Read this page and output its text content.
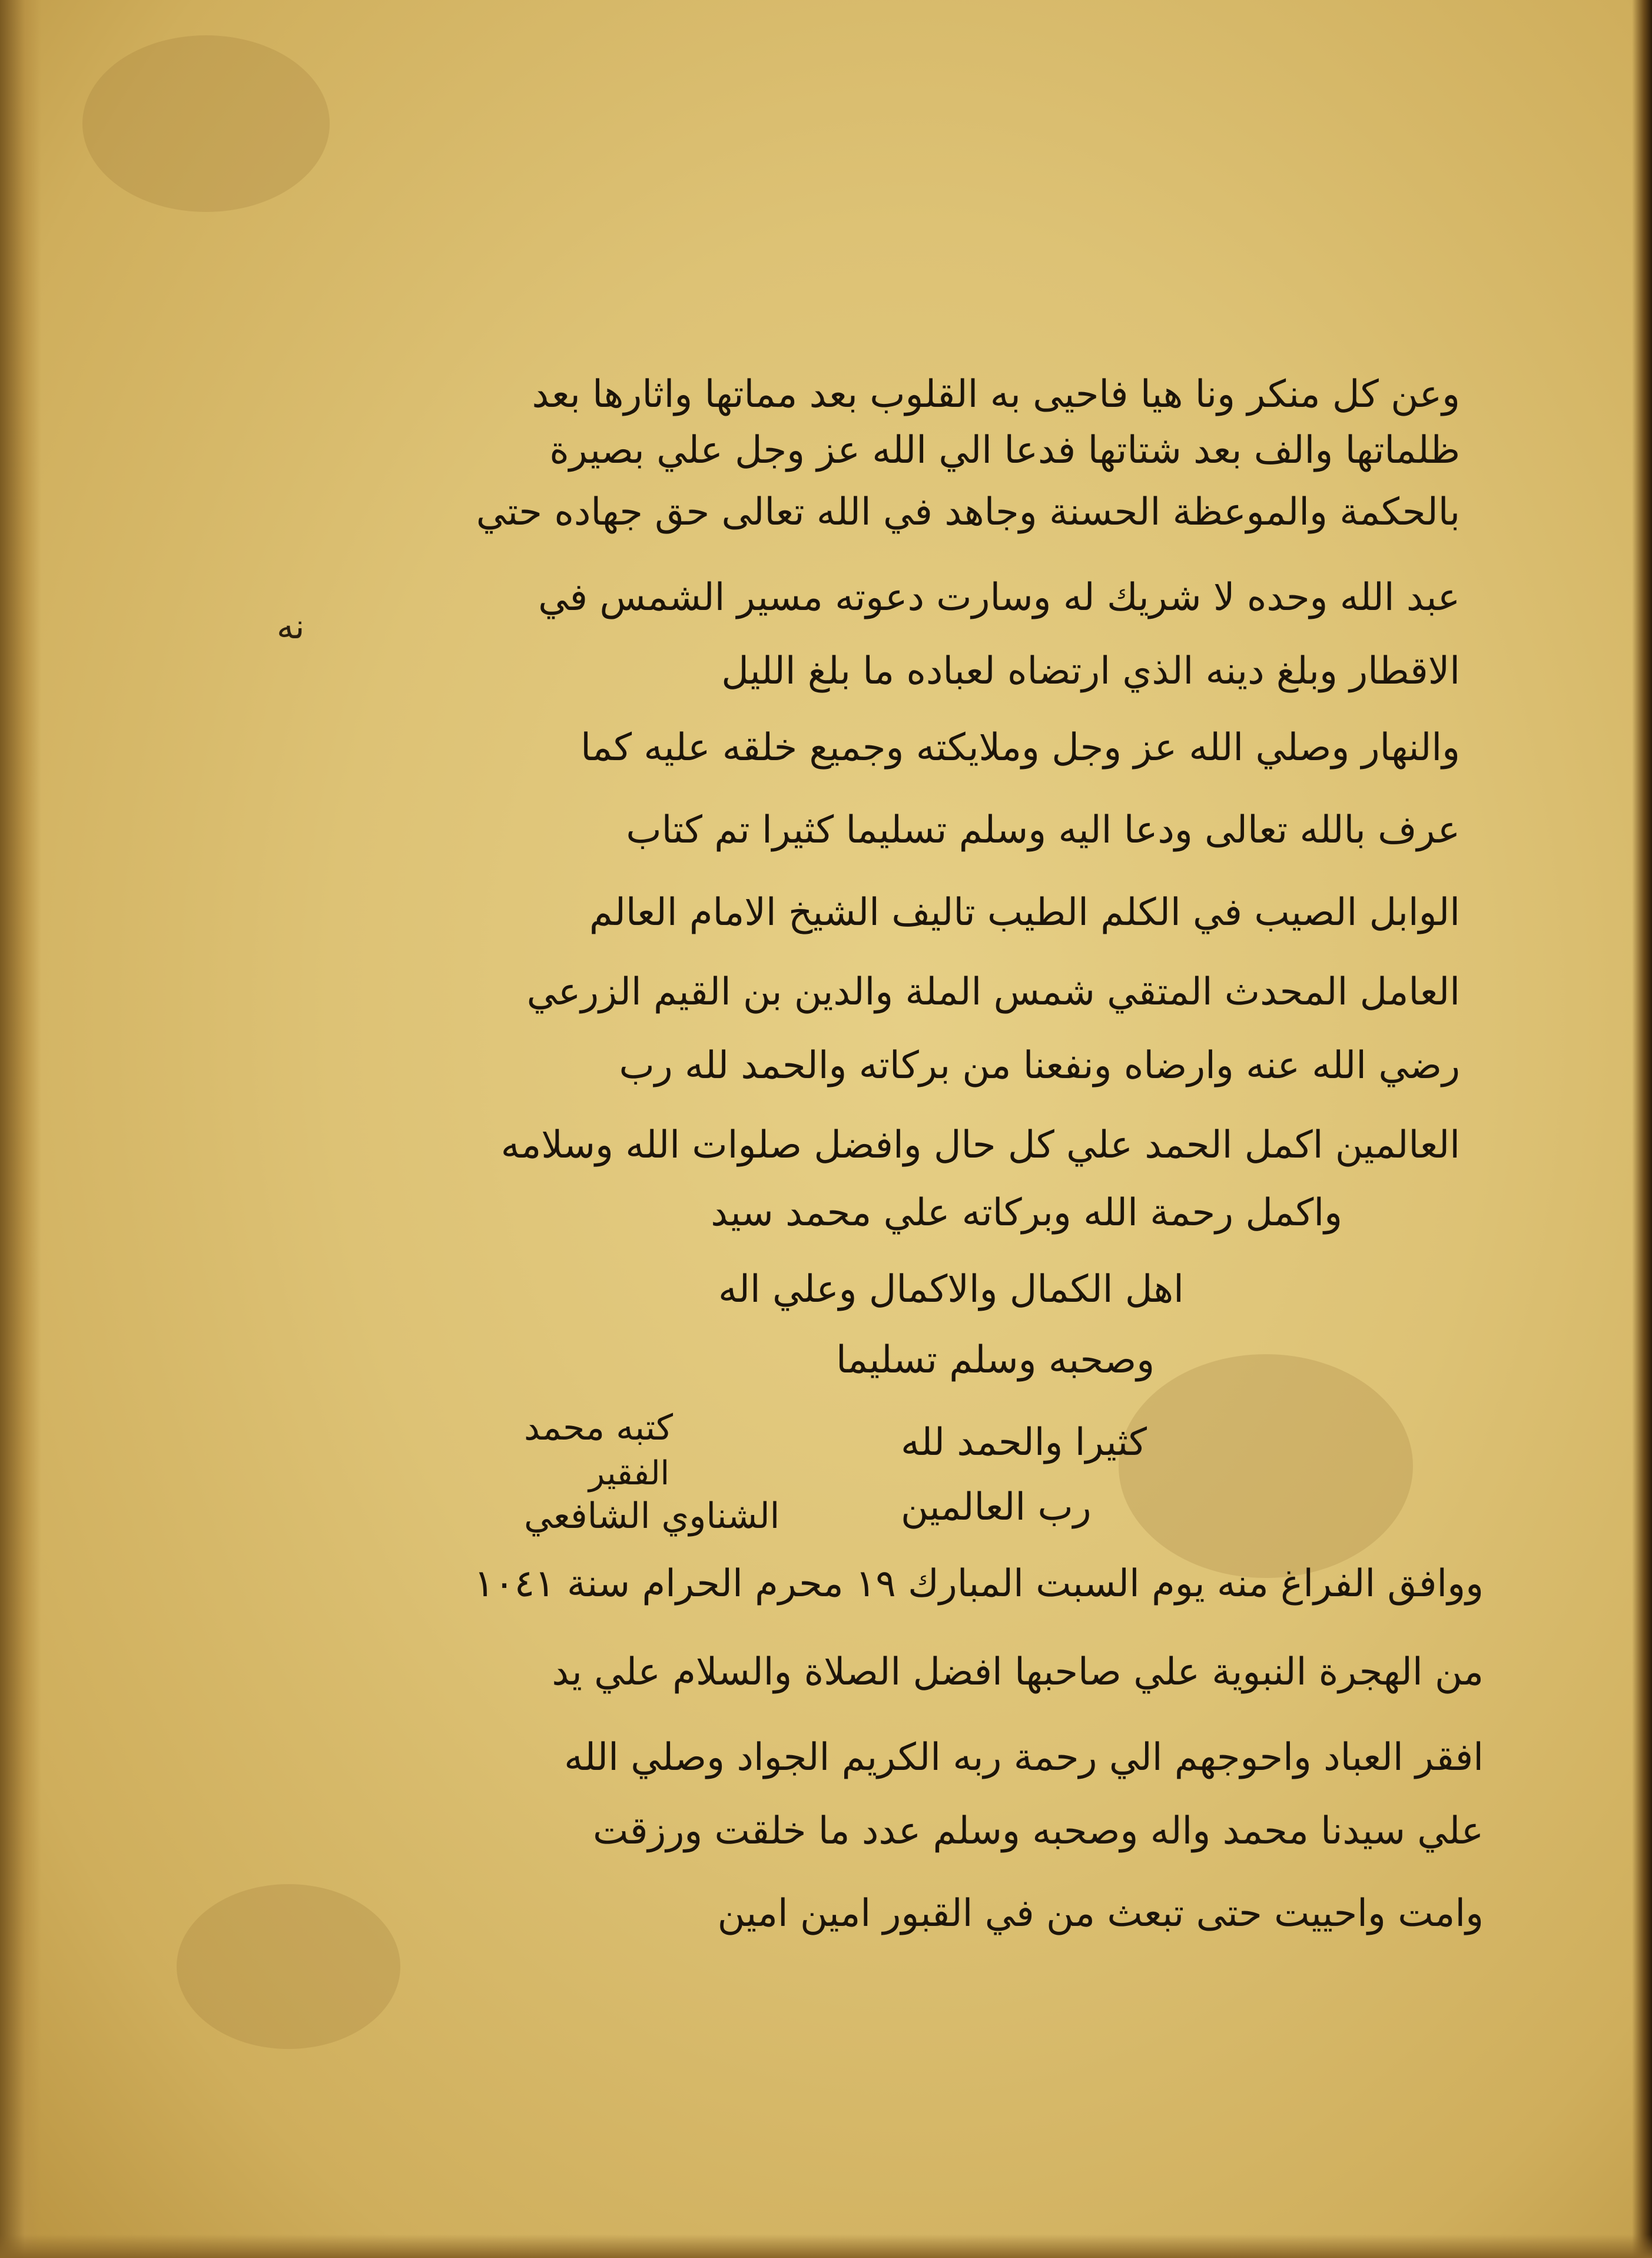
نه
وعن كل منكر ونا هيا فاحيى به القلوب بعد مماتها واثارها بعد
ظلماتها والف بعد شتاتها فدعا الي الله عز وجل علي بصيرة
بالحكمة والموعظة الحسنة وجاهد في الله تعالى حق جهاده حتي
عبد الله وحده لا شريك له وسارت دعوته مسير الشمس في
الاقطار وبلغ دينه الذي ارتضاه لعباده ما بلغ الليل
والنهار وصلي الله عز وجل وملايكته وجميع خلقه عليه كما
عرف بالله تعالى ودعا اليه وسلم تسليما كثيرا تم كتاب
الوابل الصيب في الكلم الطيب تاليف الشيخ الامام العالم
العامل المحدث المتقي شمس الملة والدين بن القيم الزرعي
رضي الله عنه وارضاه ونفعنا من بركاته والحمد لله رب
العالمين اكمل الحمد علي كل حال وافضل صلوات الله وسلامه
واكمل رحمة الله وبركاته علي محمد سيد
اهل الكمال والاكمال وعلي اله
وصحبه وسلم تسليما
كثيرا والحمد لله
رب العالمين
كتبه محمد
الفقير
الشناوي الشافعي
ووافق الفراغ منه يوم السبت المبارك ١٩ محرم الحرام سنة ١٠٤١
من الهجرة النبوية علي صاحبها افضل الصلاة والسلام علي يد
افقر العباد واحوجهم الي رحمة ربه الكريم الجواد وصلي الله
علي سيدنا محمد واله وصحبه وسلم عدد ما خلقت ورزقت
وامت واحييت حتى تبعث من في القبور امين امين
